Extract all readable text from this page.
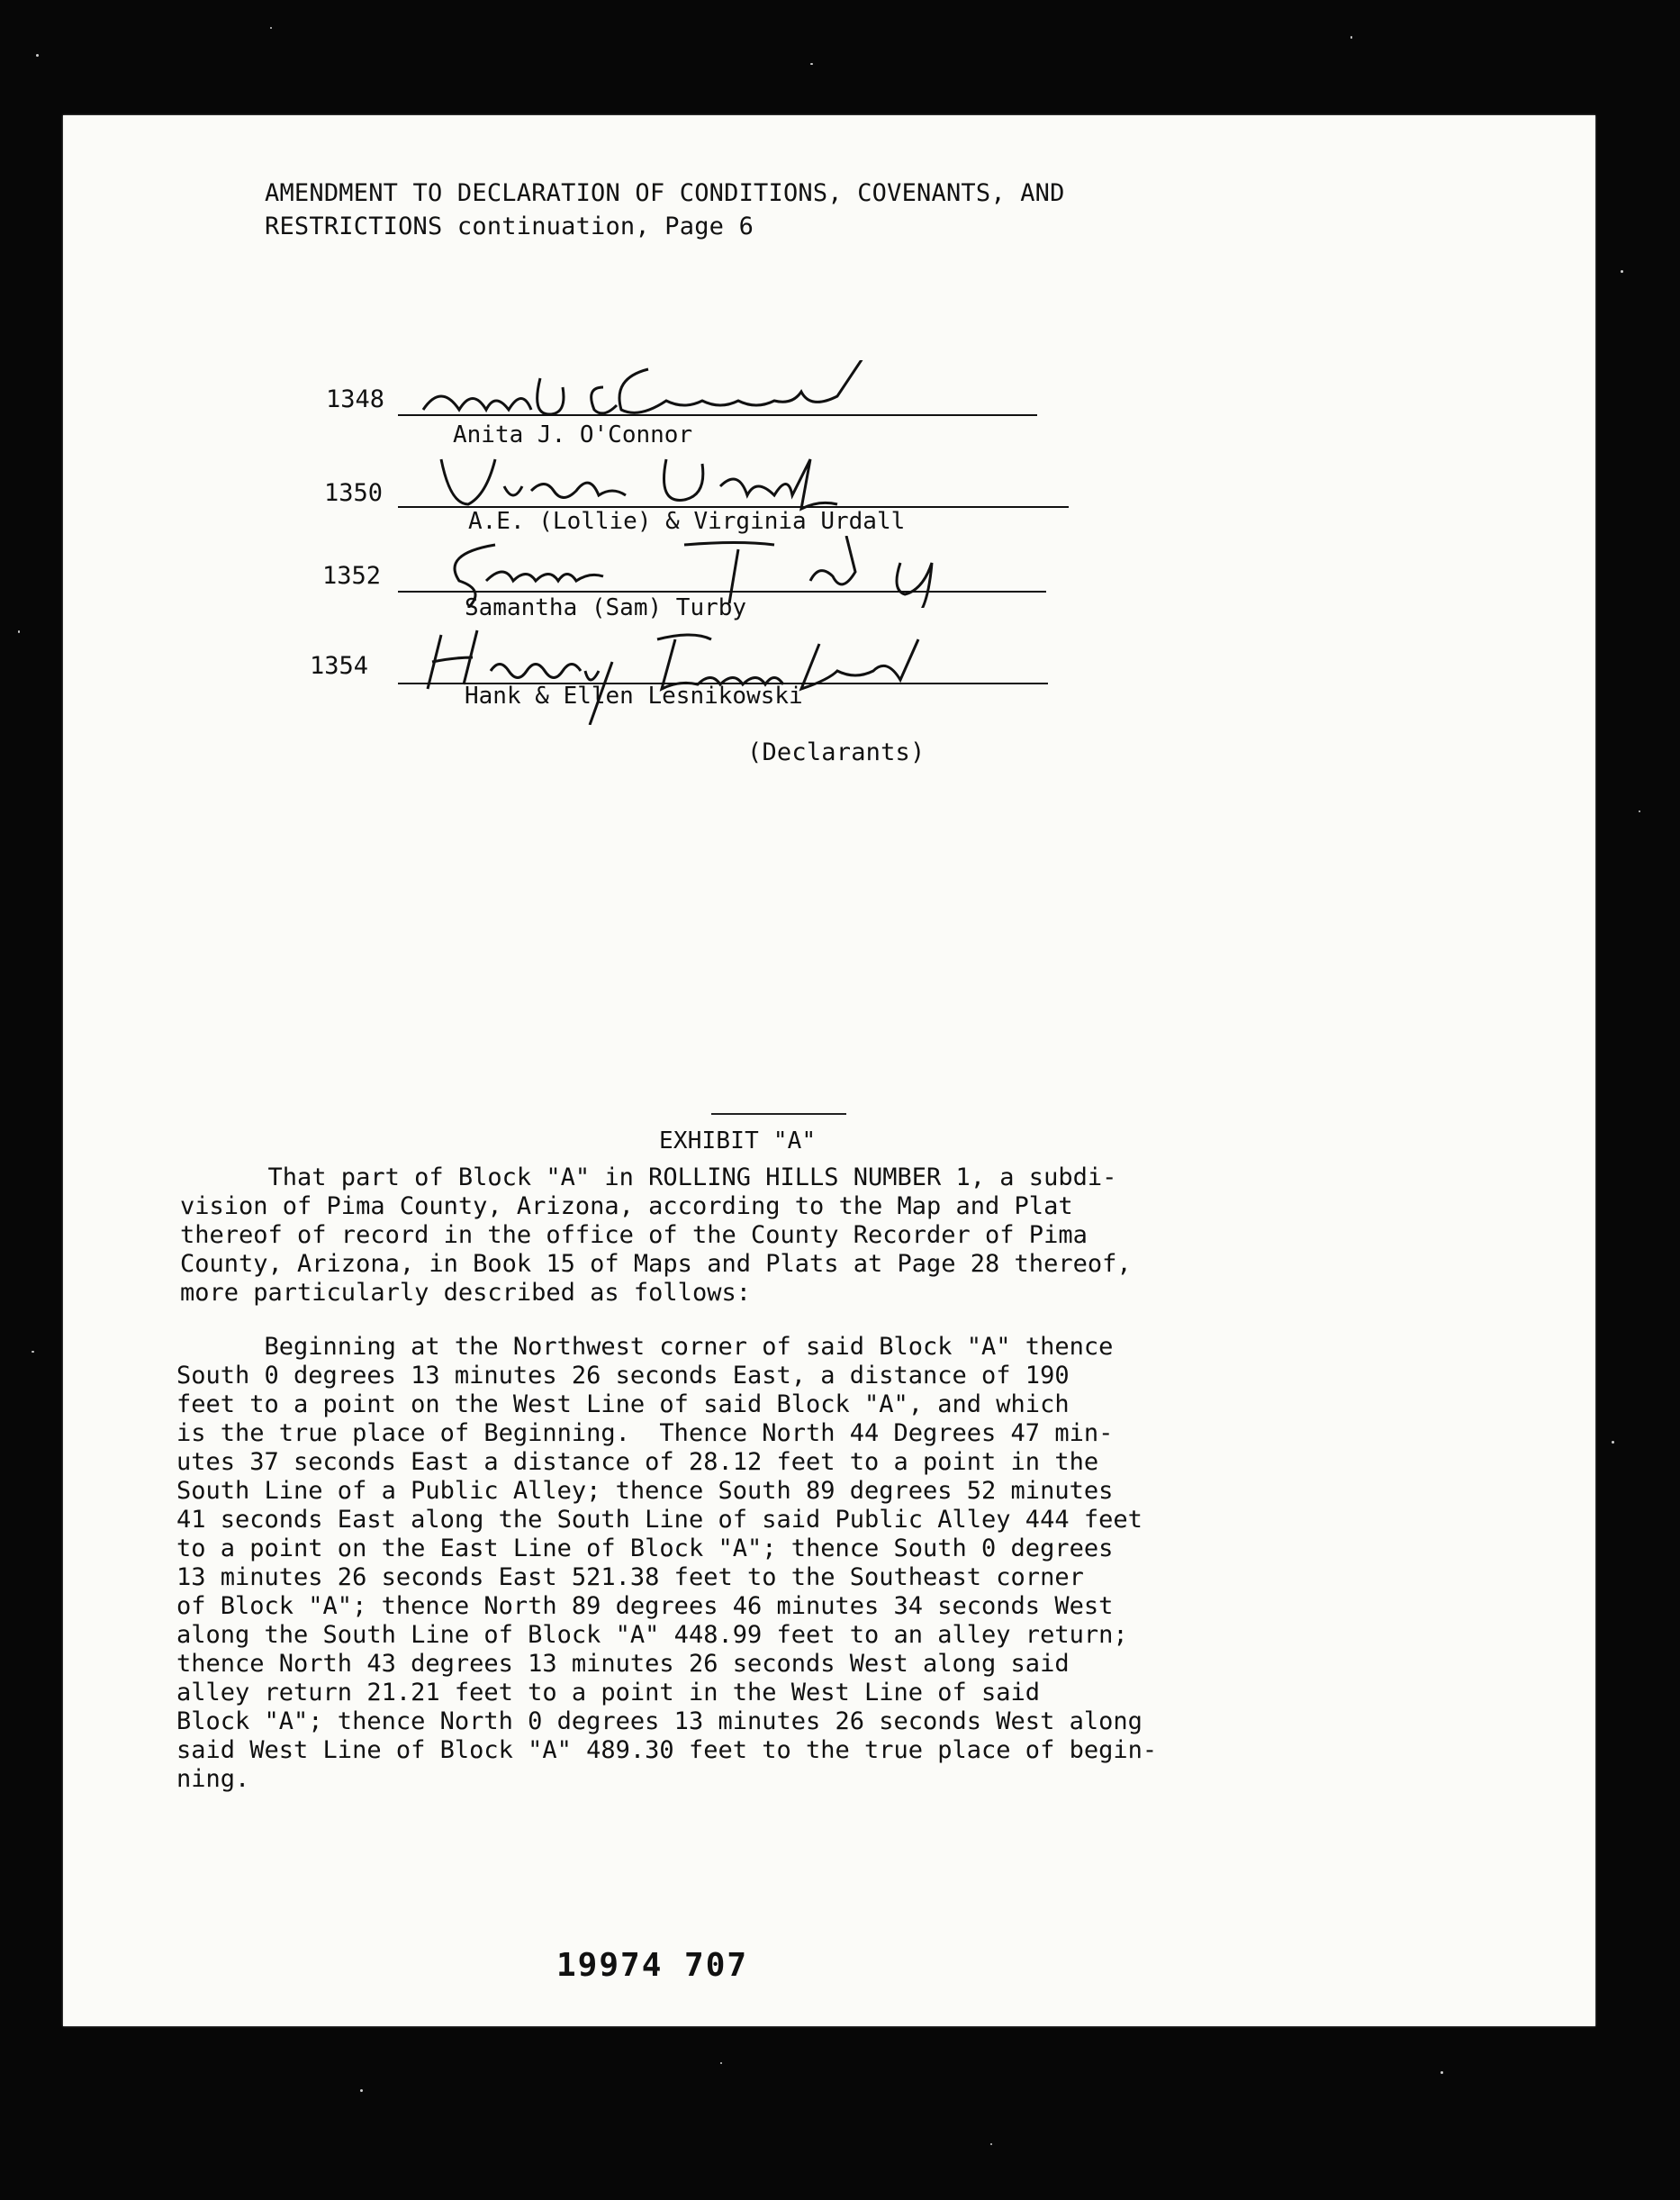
AMENDMENT TO DECLARATION OF CONDITIONS, COVENANTS, AND
RESTRICTIONS continuation, Page 6
1348
Anita J. O'Connor
1350
A.E. (Lollie) & Virginia Urdall
1352
Samantha (Sam) Turby
1354
Hank & Ellen Lesnikowski
(Declarants)
EXHIBIT "A"
That part of Block "A" in ROLLING HILLS NUMBER 1, a subdi-
vision of Pima County, Arizona, according to the Map and Plat
thereof of record in the office of the County Recorder of Pima
County, Arizona, in Book 15 of Maps and Plats at Page 28 thereof,
more particularly described as follows:
Beginning at the Northwest corner of said Block "A" thence
South 0 degrees 13 minutes 26 seconds East, a distance of 190
feet to a point on the West Line of said Block "A", and which
is the true place of Beginning.  Thence North 44 Degrees 47 min-
utes 37 seconds East a distance of 28.12 feet to a point in the
South Line of a Public Alley; thence South 89 degrees 52 minutes
41 seconds East along the South Line of said Public Alley 444 feet
to a point on the East Line of Block "A"; thence South 0 degrees
13 minutes 26 seconds East 521.38 feet to the Southeast corner
of Block "A"; thence North 89 degrees 46 minutes 34 seconds West
along the South Line of Block "A" 448.99 feet to an alley return;
thence North 43 degrees 13 minutes 26 seconds West along said
alley return 21.21 feet to a point in the West Line of said
Block "A"; thence North 0 degrees 13 minutes 26 seconds West along
said West Line of Block "A" 489.30 feet to the true place of begin-
ning.
19974 707
